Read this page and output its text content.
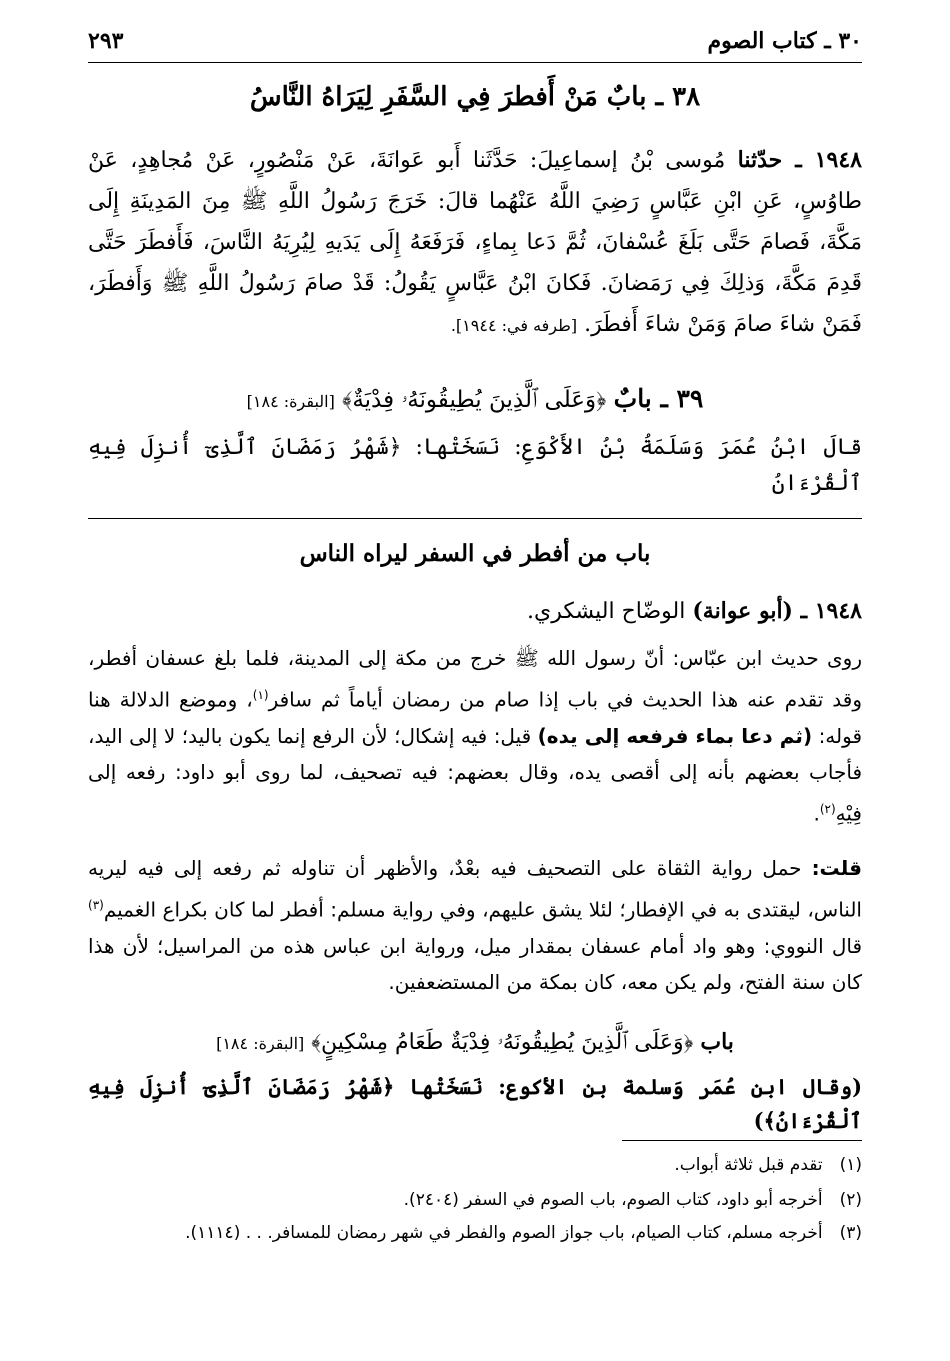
٣٠ ـ كتاب الصوم
٢٩٣
٣٨ ـ بابٌ مَنْ أَفطرَ فِي السَّفَرِ لِيَرَاهُ النَّاسُ
١٩٤٨ ـ حدّثنا مُوسى بْنُ إسماعِيلَ: حَدَّثَنا أَبو عَوانَةَ، عَنْ مَنْصُورٍ، عَنْ مُجاهِدٍ، عَنْ طاوُسٍ، عَنِ ابْنِ عَبَّاسٍ رَضِيَ اللَّهُ عَنْهُما قالَ: خَرَجَ رَسُولُ اللَّهِ ﷺ مِنَ المَدِينَةِ إِلَى مَكَّةَ، فَصامَ حَتَّى بَلَغَ عُسْفانَ، ثُمَّ دَعا بِماءٍ، فَرَفَعَهُ إِلَى يَدَيهِ لِيُرِيَهُ النَّاسَ، فَأَفطَرَ حَتَّى قَدِمَ مَكَّةَ، وَذلِكَ فِي رَمَضانَ. فَكانَ ابْنُ عَبَّاسٍ يَقُولُ: قَدْ صامَ رَسُولُ اللَّهِ ﷺ وَأَفطَرَ، فَمَنْ شاءَ صامَ وَمَنْ شاءَ أَفطَرَ. [طرفه في: ١٩٤٤].
٣٩ ـ بابٌ ﴿وَعَلَى ٱلَّذِينَ يُطِيقُونَهُۥ فِدْيَةٌ﴾ [البقرة: ١٨٤]
قالَ ابْنُ عُمَرَ وَسَلَمَةُ بْنُ الأَكْوَعِ: نَسَخَتْها: ﴿شَهْرُ رَمَضَانَ ٱلَّذِىٓ أُنزِلَ فِيهِ ٱلْقُرْءَانُ
باب من أفطر في السفر ليراه الناس
١٩٤٨ ـ (أبو عوانة) الوضّاح اليشكري.
روى حديث ابن عبّاس: أنّ رسول الله ﷺ خرج من مكة إلى المدينة، فلما بلغ عسفان أفطر، وقد تقدم عنه هذا الحديث في باب إذا صام من رمضان أياماً ثم سافر$^{(١)}$، وموضع الدلالة هنا قوله: (ثم دعا بماء فرفعه إلى يده) قيل: فيه إشكال؛ لأن الرفع إنما يكون باليد؛ لا إلى اليد، فأجاب بعضهم بأنه إلى أقصى يده، وقال بعضهم: فيه تصحيف، لما روى أبو داود: رفعه إلى فِيْهِ$^{(٢)}$.
قلت: حمل رواية الثقاة على التصحيف فيه بعْدٌ، والأظهر أن تناوله ثم رفعه إلى فيه ليريه الناس، ليقتدى به في الإفطار؛ لئلا يشق عليهم، وفي رواية مسلم: أفطر لما كان بكراع الغميم$^{(٣)}$ قال النووي: وهو واد أمام عسفان بمقدار ميل، ورواية ابن عباس هذه من المراسيل؛ لأن هذا كان سنة الفتح، ولم يكن معه، كان بمكة من المستضعفين.
باب ﴿وَعَلَى ٱلَّذِينَ يُطِيقُونَهُۥ فِدْيَةٌ طَعَامُ مِسْكِينٍ﴾ [البقرة: ١٨٤]
(وقال ابن عُمَر وَسلمة بن الأكوع: نَسَخَتْها ﴿شَهْرُ رَمَضَانَ ٱلَّذِىٓ أُنزِلَ فِيهِ ٱلْقُرْءَانُ﴾)
(١) تقدم قبل ثلاثة أبواب.
(٢) أخرجه أبو داود، كتاب الصوم، باب الصوم في السفر (٢٤٠٤).
(٣) أخرجه مسلم، كتاب الصيام، باب جواز الصوم والفطر في شهر رمضان للمسافر. . . (١١١٤).
